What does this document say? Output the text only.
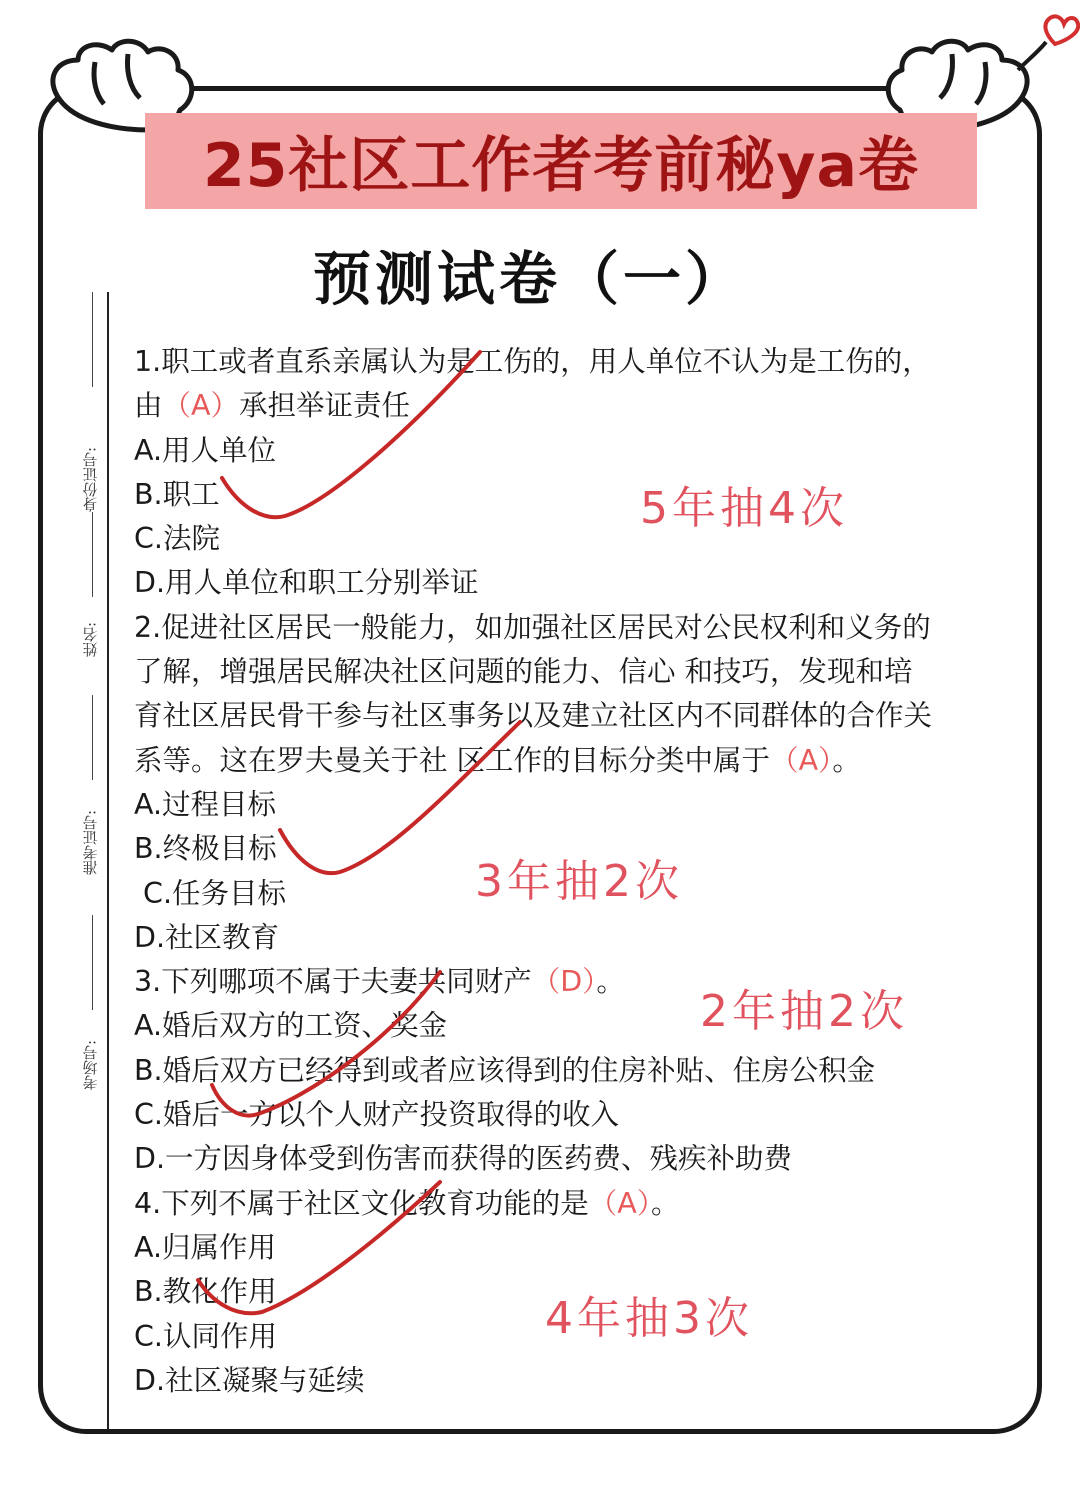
25社区工作者考前秘ya卷
预测试卷（一）
身份证号:
姓名:
准考证号:
考场号:
1.职工或者直系亲属认为是工伤的，用人单位不认为是工伤的，
由（A）承担举证责任
A.用人单位
B.职工
C.法院
D.用人单位和职工分别举证
2.促进社区居民一般能力，如加强社区居民对公民权利和义务的
了解，增强居民解决社区问题的能力、信心 和技巧，发现和培
育社区居民骨干参与社区事务以及建立社区内不同群体的合作关
系等。这在罗夫曼关于社 区工作的目标分类中属于（A）。
A.过程目标
B.终极目标
C.任务目标
D.社区教育
3.下列哪项不属于夫妻共同财产（D）。
A.婚后双方的工资、奖金
B.婚后双方已经得到或者应该得到的住房补贴、住房公积金
C.婚后一方以个人财产投资取得的收入
D.一方因身体受到伤害而获得的医药费、残疾补助费
4.下列不属于社区文化教育功能的是（A）。
A.归属作用
B.教化作用
C.认同作用
D.社区凝聚与延续
5年抽4次
3年抽2次
2年抽2次
4年抽3次
